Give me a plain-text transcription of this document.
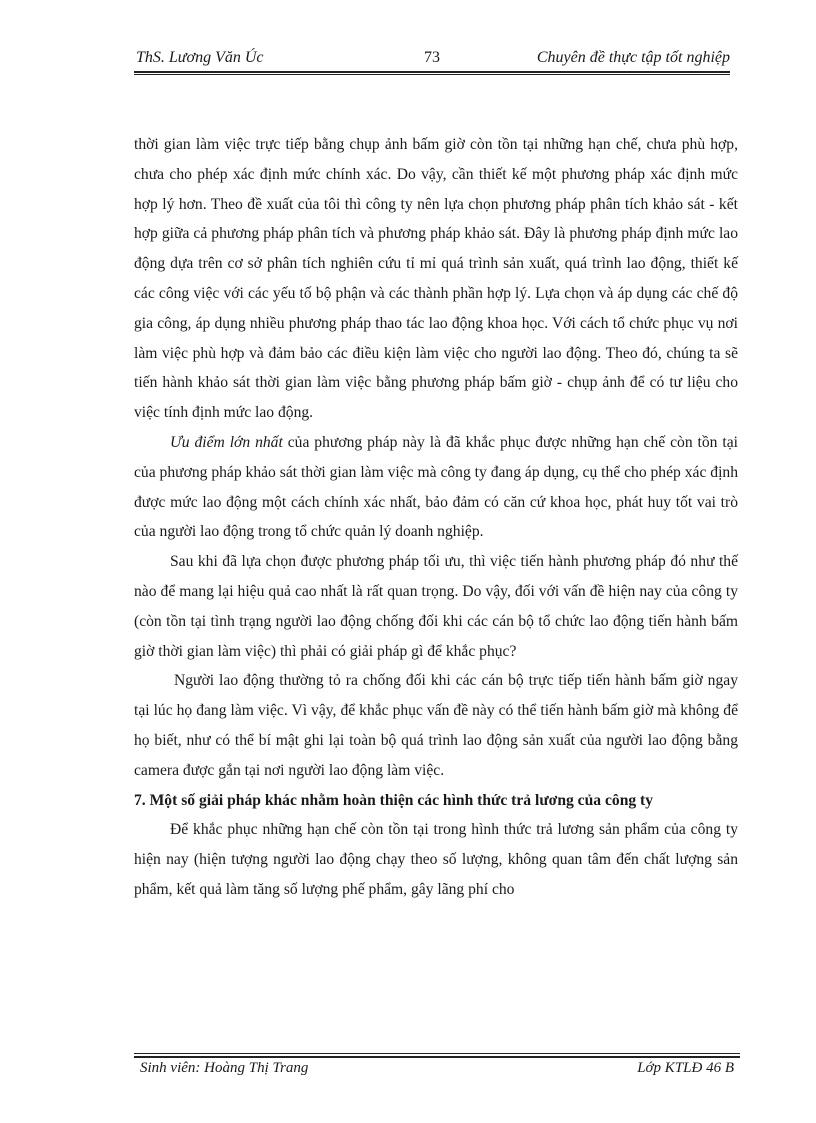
ThS. Lương Văn Úc	73	Chuyên đề thực tập tốt nghiệp

thời gian làm việc trực tiếp bằng chụp ảnh bấm giờ còn tồn tại những hạn chế, chưa phù hợp, chưa cho phép xác định mức chính xác. Do vậy, cần thiết kế một phương pháp xác định mức hợp lý hơn. Theo đề xuất của tôi thì công ty nên lựa chọn phương pháp phân tích khảo sát - kết hợp giữa cả phương pháp phân tích và phương pháp khảo sát. Đây là phương pháp định mức lao động dựa trên cơ sở phân tích nghiên cứu tỉ mỉ quá trình sản xuất, quá trình lao động, thiết kế các công việc với các yếu tố bộ phận và các thành phần hợp lý. Lựa chọn và áp dụng các chế độ gia công, áp dụng nhiều phương pháp thao tác lao động khoa học. Với cách tổ chức phục vụ nơi làm việc phù hợp và đảm bảo các điều kiện làm việc cho người lao động. Theo đó, chúng ta sẽ tiến hành khảo sát thời gian làm việc bằng phương pháp bấm giờ - chụp ảnh để có tư liệu cho việc tính định mức lao động.

Ưu điểm lớn nhất của phương pháp này là đã khắc phục được những hạn chế còn tồn tại của phương pháp khảo sát thời gian làm việc mà công ty đang áp dụng, cụ thể cho phép xác định được mức lao động một cách chính xác nhất, bảo đảm có căn cứ khoa học, phát huy tốt vai trò của người lao động trong tổ chức quản lý doanh nghiệp.

Sau khi đã lựa chọn được phương pháp tối ưu, thì việc tiến hành phương pháp đó như thế nào để mang lại hiệu quả cao nhất là rất quan trọng. Do vậy, đối với vấn đề hiện nay của công ty (còn tồn tại tình trạng người lao động chống đối khi các cán bộ tổ chức lao động tiến hành bấm giờ thời gian làm việc) thì phải có giải pháp gì để khắc phục?

Người lao động thường tỏ ra chống đối khi các cán bộ trực tiếp tiến hành bấm giờ ngay tại lúc họ đang làm việc. Vì vậy, để khắc phục vấn đề này có thể tiến hành bấm giờ mà không để họ biết, như có thể bí mật ghi lại toàn bộ quá trình lao động sản xuất của người lao động bằng camera được gắn tại nơi người lao động làm việc.

7. Một số giải pháp khác nhằm hoàn thiện các hình thức trả lương của công ty

Để khắc phục những hạn chế còn tồn tại trong hình thức trả lương sản phẩm của công ty hiện nay (hiện tượng người lao động chạy theo số lượng, không quan tâm đến chất lượng sản phẩm, kết quả làm tăng số lượng phế phẩm, gây lãng phí cho

Sinh viên: Hoàng Thị Trang	Lớp KTLĐ 46 B
